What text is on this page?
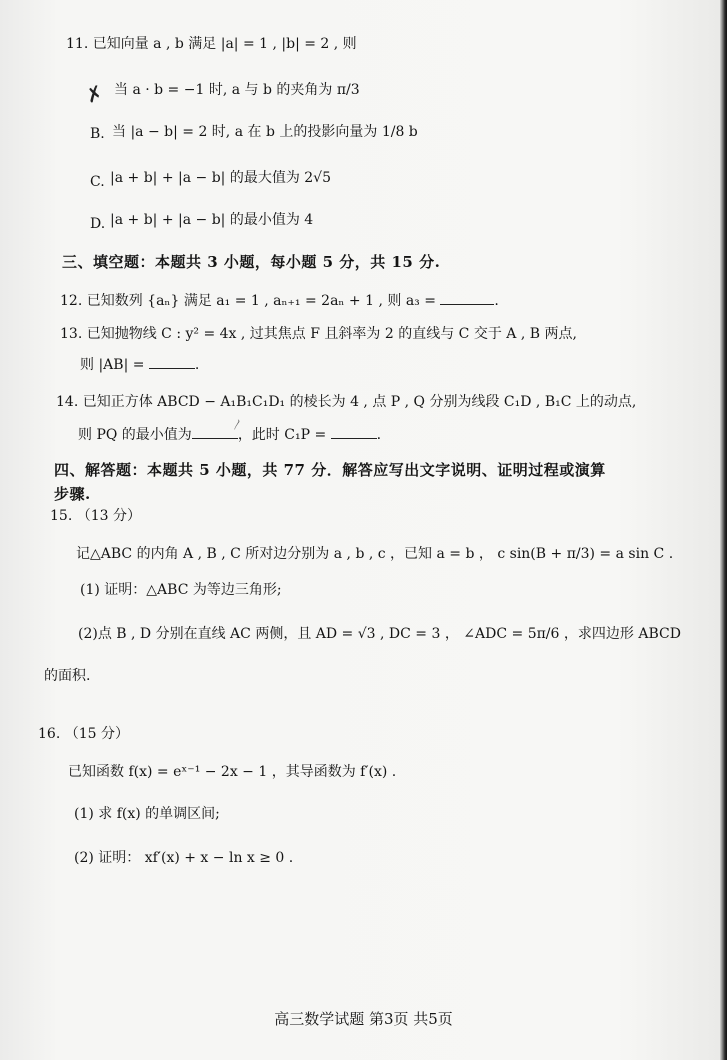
11. 已知向量 a , b 满足 |a| = 1 , |b| = 2 , 则
✗ 当 a · b = −1 时, a 与 b 的夹角为 π/3
B. 当 |a − b| = 2 时, a 在 b 上的投影向量为 1/8 b
C. |a + b| + |a − b| 的最大值为 2√5
D. |a + b| + |a − b| 的最小值为 4
三、填空题：本题共 3 小题，每小题 5 分，共 15 分.
12. 已知数列 {aₙ} 满足 a₁ = 1 , aₙ₊₁ = 2aₙ + 1 , 则 a₃ =	.
13. 已知抛物线 C : y² = 4x , 过其焦点 F 且斜率为 2 的直线与 C 交于 A , B 两点,
则 |AB| =	.
14. 已知正方体 ABCD − A₁B₁C₁D₁ 的棱长为 4 , 点 P , Q 分别为线段 C₁D , B₁C 上的动点,
则 PQ 的最小值为	，此时 C₁P =	.
〳
四、解答题：本题共 5 小题，共 77 分．解答应写出文字说明、证明过程或演算
步骤.
15. （13 分）
记△ABC 的内角 A , B , C 所对边分别为 a , b , c ，已知 a = b ， c sin(B + π/3) = a sin C .
(1) 证明：△ABC 为等边三角形;
(2)点 B , D 分别在直线 AC 两侧，且 AD = √3 , DC = 3 ， ∠ADC = 5π/6 ，求四边形 ABCD
的面积.
16. （15 分）
已知函数 f(x) = eˣ⁻¹ − 2x − 1 ，其导函数为 f′(x) .
(1) 求 f(x) 的单调区间;
(2) 证明： xf′(x) + x − ln x ≥ 0 .
高三数学试题 第3页 共5页
